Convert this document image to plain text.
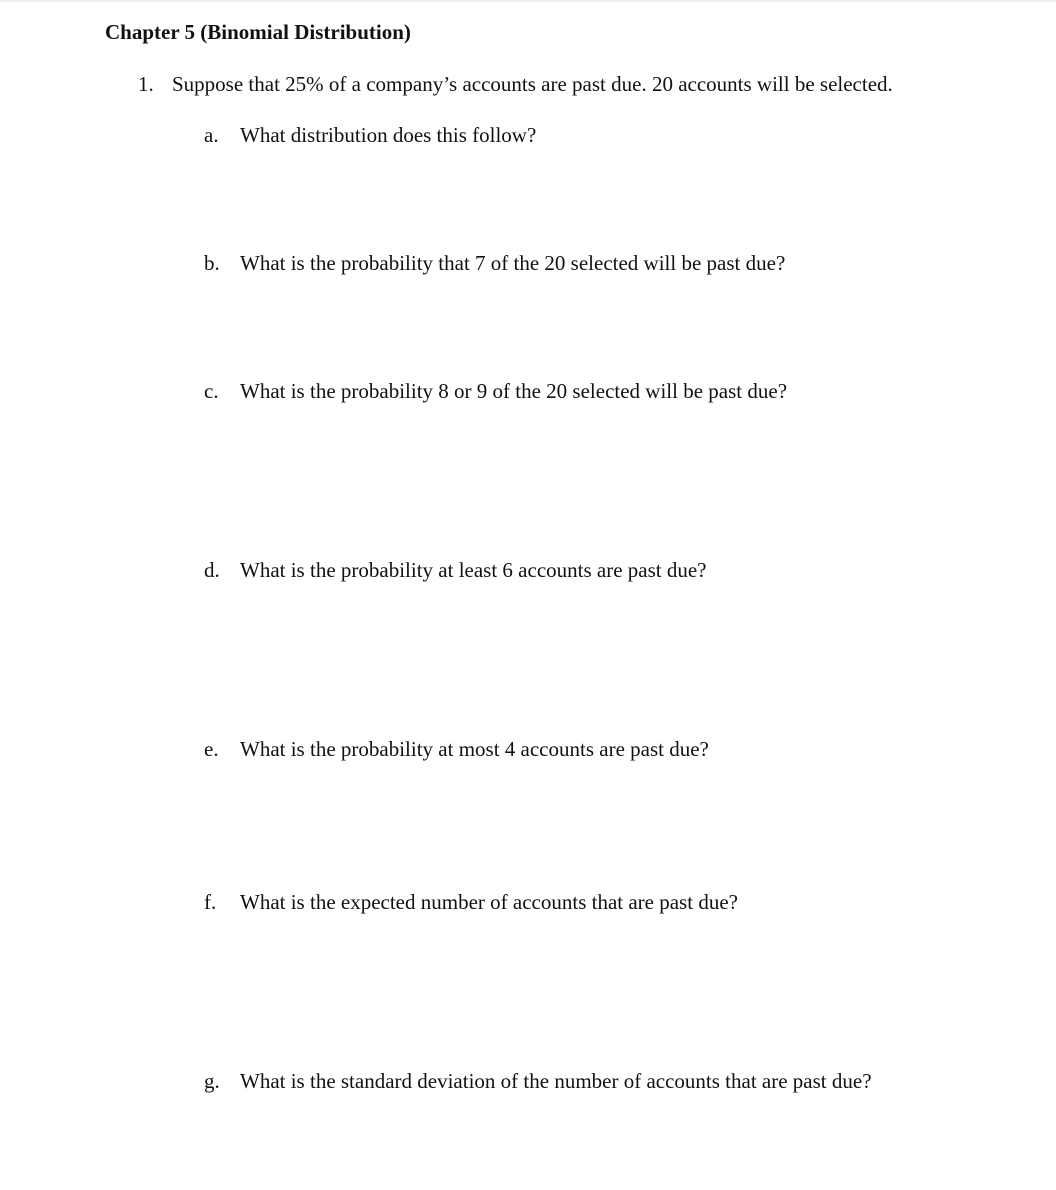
Chapter 5 (Binomial Distribution)
1. Suppose that 25% of a company’s accounts are past due. 20 accounts will be selected.
a. What distribution does this follow?
b. What is the probability that 7 of the 20 selected will be past due?
c. What is the probability 8 or 9 of the 20 selected will be past due?
d. What is the probability at least 6 accounts are past due?
e. What is the probability at most 4 accounts are past due?
f. What is the expected number of accounts that are past due?
g. What is the standard deviation of the number of accounts that are past due?
